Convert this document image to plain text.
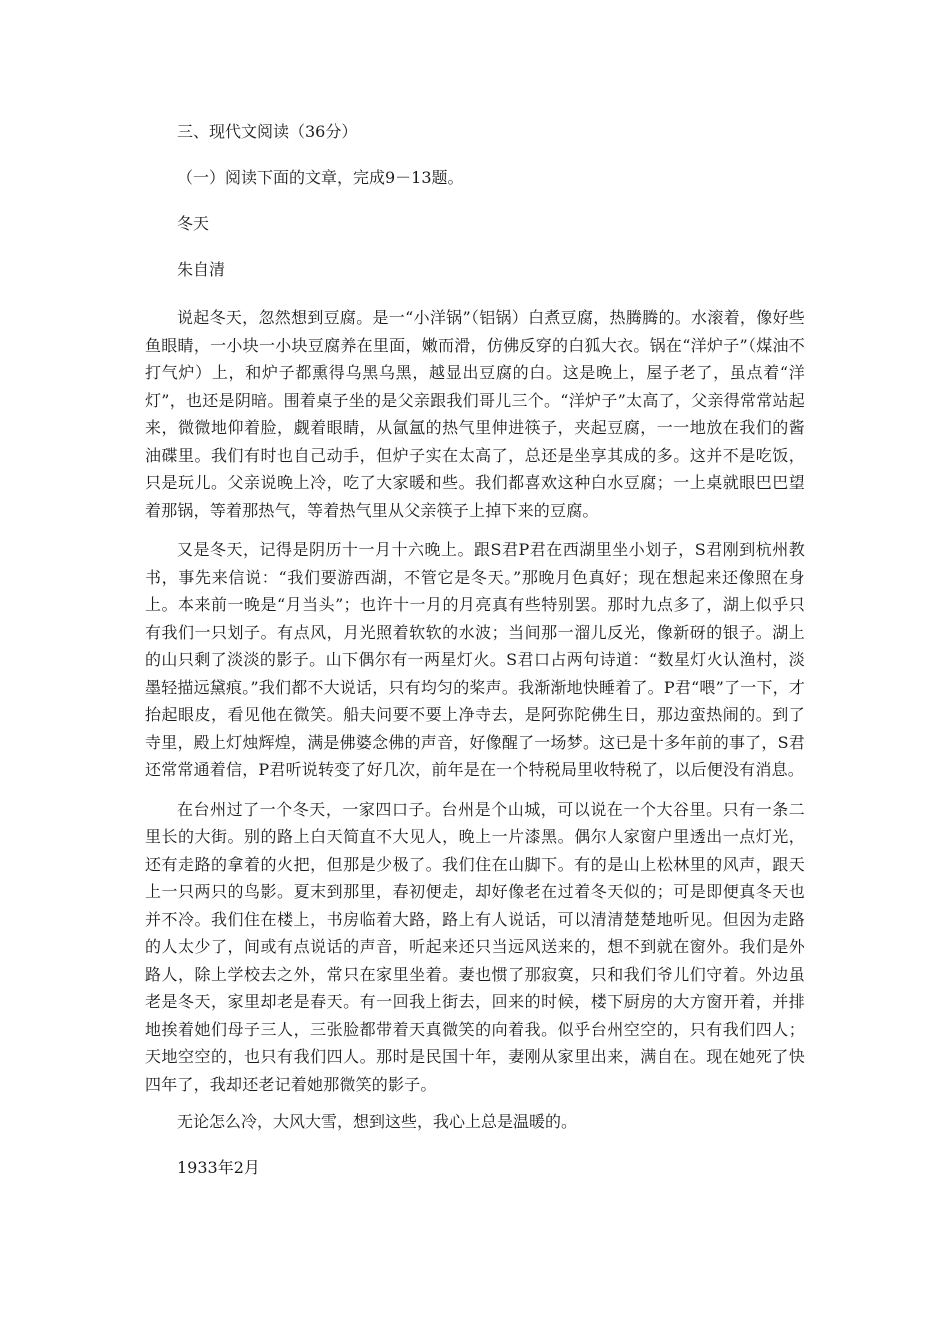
三、现代文阅读（36分）

（一）阅读下面的文章，完成9－13题。

冬天

朱自清

说起冬天，忽然想到豆腐。是一“小洋锅”（铝锅）白煮豆腐，热腾腾的。水滚着，像好些鱼眼睛，一小块一小块豆腐养在里面，嫩而滑，仿佛反穿的白狐大衣。锅在“洋炉子”（煤油不打气炉）上，和炉子都熏得乌黑乌黑，越显出豆腐的白。这是晚上，屋子老了，虽点着“洋灯”，也还是阴暗。围着桌子坐的是父亲跟我们哥儿三个。“洋炉子”太高了，父亲得常常站起来，微微地仰着脸，觑着眼睛，从氤氲的热气里伸进筷子，夹起豆腐，一一地放在我们的酱油碟里。我们有时也自己动手，但炉子实在太高了，总还是坐享其成的多。这并不是吃饭，只是玩儿。父亲说晚上冷，吃了大家暖和些。我们都喜欢这种白水豆腐；一上桌就眼巴巴望着那锅，等着那热气，等着热气里从父亲筷子上掉下来的豆腐。

又是冬天，记得是阴历十一月十六晚上。跟S君P君在西湖里坐小划子，S君刚到杭州教书，事先来信说：“我们要游西湖，不管它是冬天。”那晚月色真好；现在想起来还像照在身上。本来前一晚是“月当头”；也许十一月的月亮真有些特别罢。那时九点多了，湖上似乎只有我们一只划子。有点风，月光照着软软的水波；当间那一溜儿反光，像新砑的银子。湖上的山只剩了淡淡的影子。山下偶尔有一两星灯火。S君口占两句诗道：“数星灯火认渔村，淡墨轻描远黛痕。”我们都不大说话，只有均匀的桨声。我渐渐地快睡着了。P君“喂”了一下，才抬起眼皮，看见他在微笑。船夫问要不要上净寺去，是阿弥陀佛生日，那边蛮热闹的。到了寺里，殿上灯烛辉煌，满是佛婆念佛的声音，好像醒了一场梦。这已是十多年前的事了，S君还常常通着信，P君听说转变了好几次，前年是在一个特税局里收特税了，以后便没有消息。

在台州过了一个冬天，一家四口子。台州是个山城，可以说在一个大谷里。只有一条二里长的大街。别的路上白天简直不大见人，晚上一片漆黑。偶尔人家窗户里透出一点灯光，还有走路的拿着的火把，但那是少极了。我们住在山脚下。有的是山上松林里的风声，跟天上一只两只的鸟影。夏末到那里，春初便走，却好像老在过着冬天似的；可是即便真冬天也并不冷。我们住在楼上，书房临着大路，路上有人说话，可以清清楚楚地听见。但因为走路的人太少了，间或有点说话的声音，听起来还只当远风送来的，想不到就在窗外。我们是外路人，除上学校去之外，常只在家里坐着。妻也惯了那寂寞，只和我们爷儿们守着。外边虽老是冬天，家里却老是春天。有一回我上街去，回来的时候，楼下厨房的大方窗开着，并排地挨着她们母子三人，三张脸都带着天真微笑的向着我。似乎台州空空的，只有我们四人；天地空空的，也只有我们四人。那时是民国十年，妻刚从家里出来，满自在。现在她死了快四年了，我却还老记着她那微笑的影子。

无论怎么冷，大风大雪，想到这些，我心上总是温暖的。

1933年2月
